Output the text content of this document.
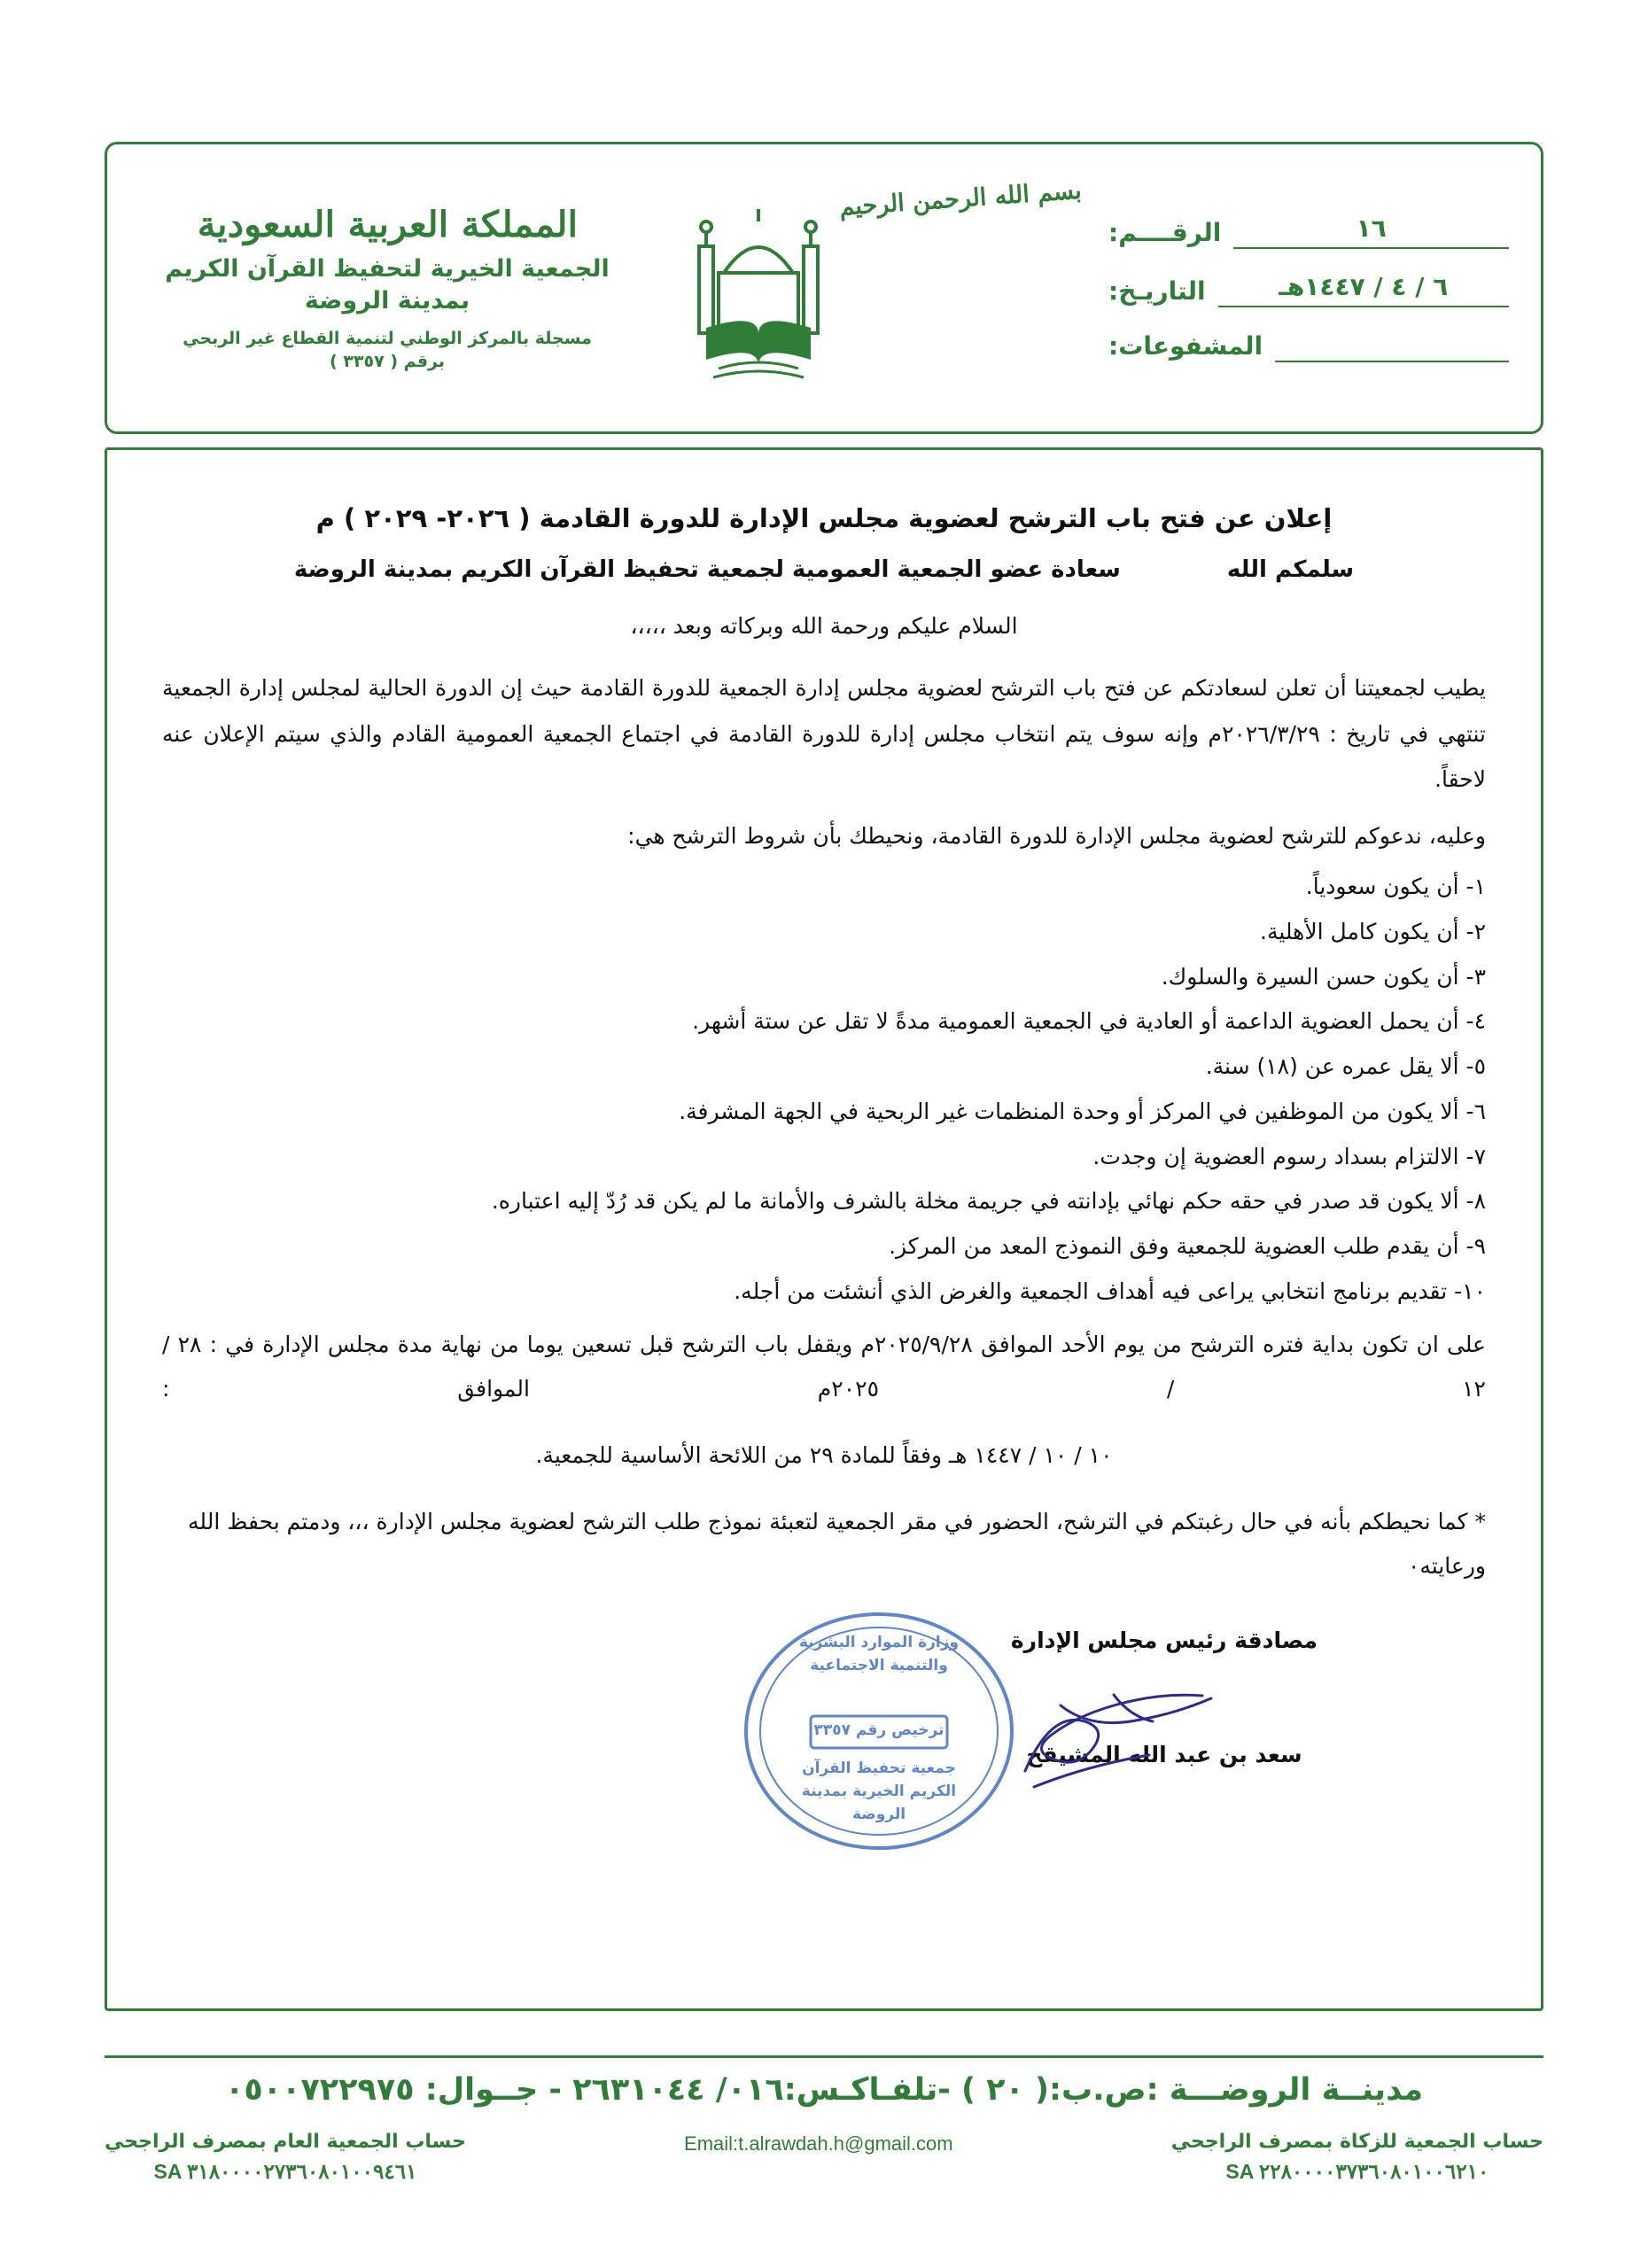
المملكة العربية السعودية
الجمعية الخيرية لتحفيظ القرآن الكريم
بمدينة الروضة
مسجلة بالمركز الوطني لتنمية القطاع غير الربحي
برقم ( ٣٣٥٧ )
بسم الله الرحمن الرحيم
١٦
الرقــــم:
٦ / ٤ / ١٤٤٧هـ
التاريـخ:
المشفوعات:
إعلان عن فتح باب الترشح لعضوية مجلس الإدارة للدورة القادمة ( ٢٠٢٦- ٢٠٢٩ ) م
سلمكم الله
سعادة عضو الجمعية العمومية لجمعية تحفيظ القرآن الكريم بمدينة الروضة
السلام عليكم ورحمة الله وبركاته وبعد ،،،،،

يطيب لجمعيتنا أن تعلن لسعادتكم عن فتح باب الترشح لعضوية مجلس إدارة الجمعية للدورة القادمة حيث إن الدورة الحالية لمجلس إدارة الجمعية تنتهي في تاريخ : ٢٠٢٦/٣/٢٩م وإنه سوف يتم انتخاب مجلس إدارة للدورة القادمة في اجتماع الجمعية العمومية القادم والذي سيتم الإعلان عنه لاحقاً.

وعليه، ندعوكم للترشح لعضوية مجلس الإدارة للدورة القادمة، ونحيطك بأن شروط الترشح هي:

١- أن يكون سعودياً.
٢- أن يكون كامل الأهلية.
٣- أن يكون حسن السيرة والسلوك.
٤- أن يحمل العضوية الداعمة أو العادية في الجمعية العمومية مدةً لا تقل عن ستة أشهر.
٥- ألا يقل عمره عن (١٨) سنة.
٦- ألا يكون من الموظفين في المركز أو وحدة المنظمات غير الربحية في الجهة المشرفة.
٧- الالتزام بسداد رسوم العضوية إن وجدت.
٨- ألا يكون قد صدر في حقه حكم نهائي بإدانته في جريمة مخلة بالشرف والأمانة ما لم يكن قد رُدّ إليه اعتباره.
٩- أن يقدم طلب العضوية للجمعية وفق النموذج المعد من المركز.
١٠- تقديم برنامج انتخابي يراعى فيه أهداف الجمعية والغرض الذي أنشئت من أجله.

على ان تكون بداية فتره الترشح من يوم الأحد الموافق ٢٠٢٥/٩/٢٨م ويقفل باب الترشح قبل تسعين يوما من نهاية مدة مجلس الإدارة في : ٢٨ / ١٢ / ٢٠٢٥م الموافق :

١٠ / ١٠ / ١٤٤٧ هـ وفقاً للمادة ٢٩ من اللائحة الأساسية للجمعية.

* كما نحيطكم بأنه في حال رغبتكم في الترشح، الحضور في مقر الجمعية لتعبئة نموذج طلب الترشح لعضوية مجلس الإدارة ،،، ودمتم بحفظ الله ورعايته٠

مصادقة رئيس مجلس الإدارة
سعد بن عبد الله المشيقح
وزارة الموارد البشرية
والتنمية الاجتماعية
ترخيص رقم ٣٣٥٧
جمعية تحفيظ القرآن
الكريم الخيرية بمدينة
الروضة
مدينــة الروضـــة :ص.ب:( ٢٠ ) -تلفـاكـس:٠١٦/ ٢٦٣١٠٤٤ - جــوال: ٠٥٠٠٧٢٢٩٧٥
حساب الجمعية للزكاة بمصرف الراجحي
SA ٢٢٨٠٠٠٠٣٧٣٦٠٨٠١٠٠٦٢١٠
Email:t.alrawdah.h@gmail.com
حساب الجمعية العام بمصرف الراجحي
SA ٣١٨٠٠٠٠٢٧٣٦٠٨٠١٠٠٩٤٦١
